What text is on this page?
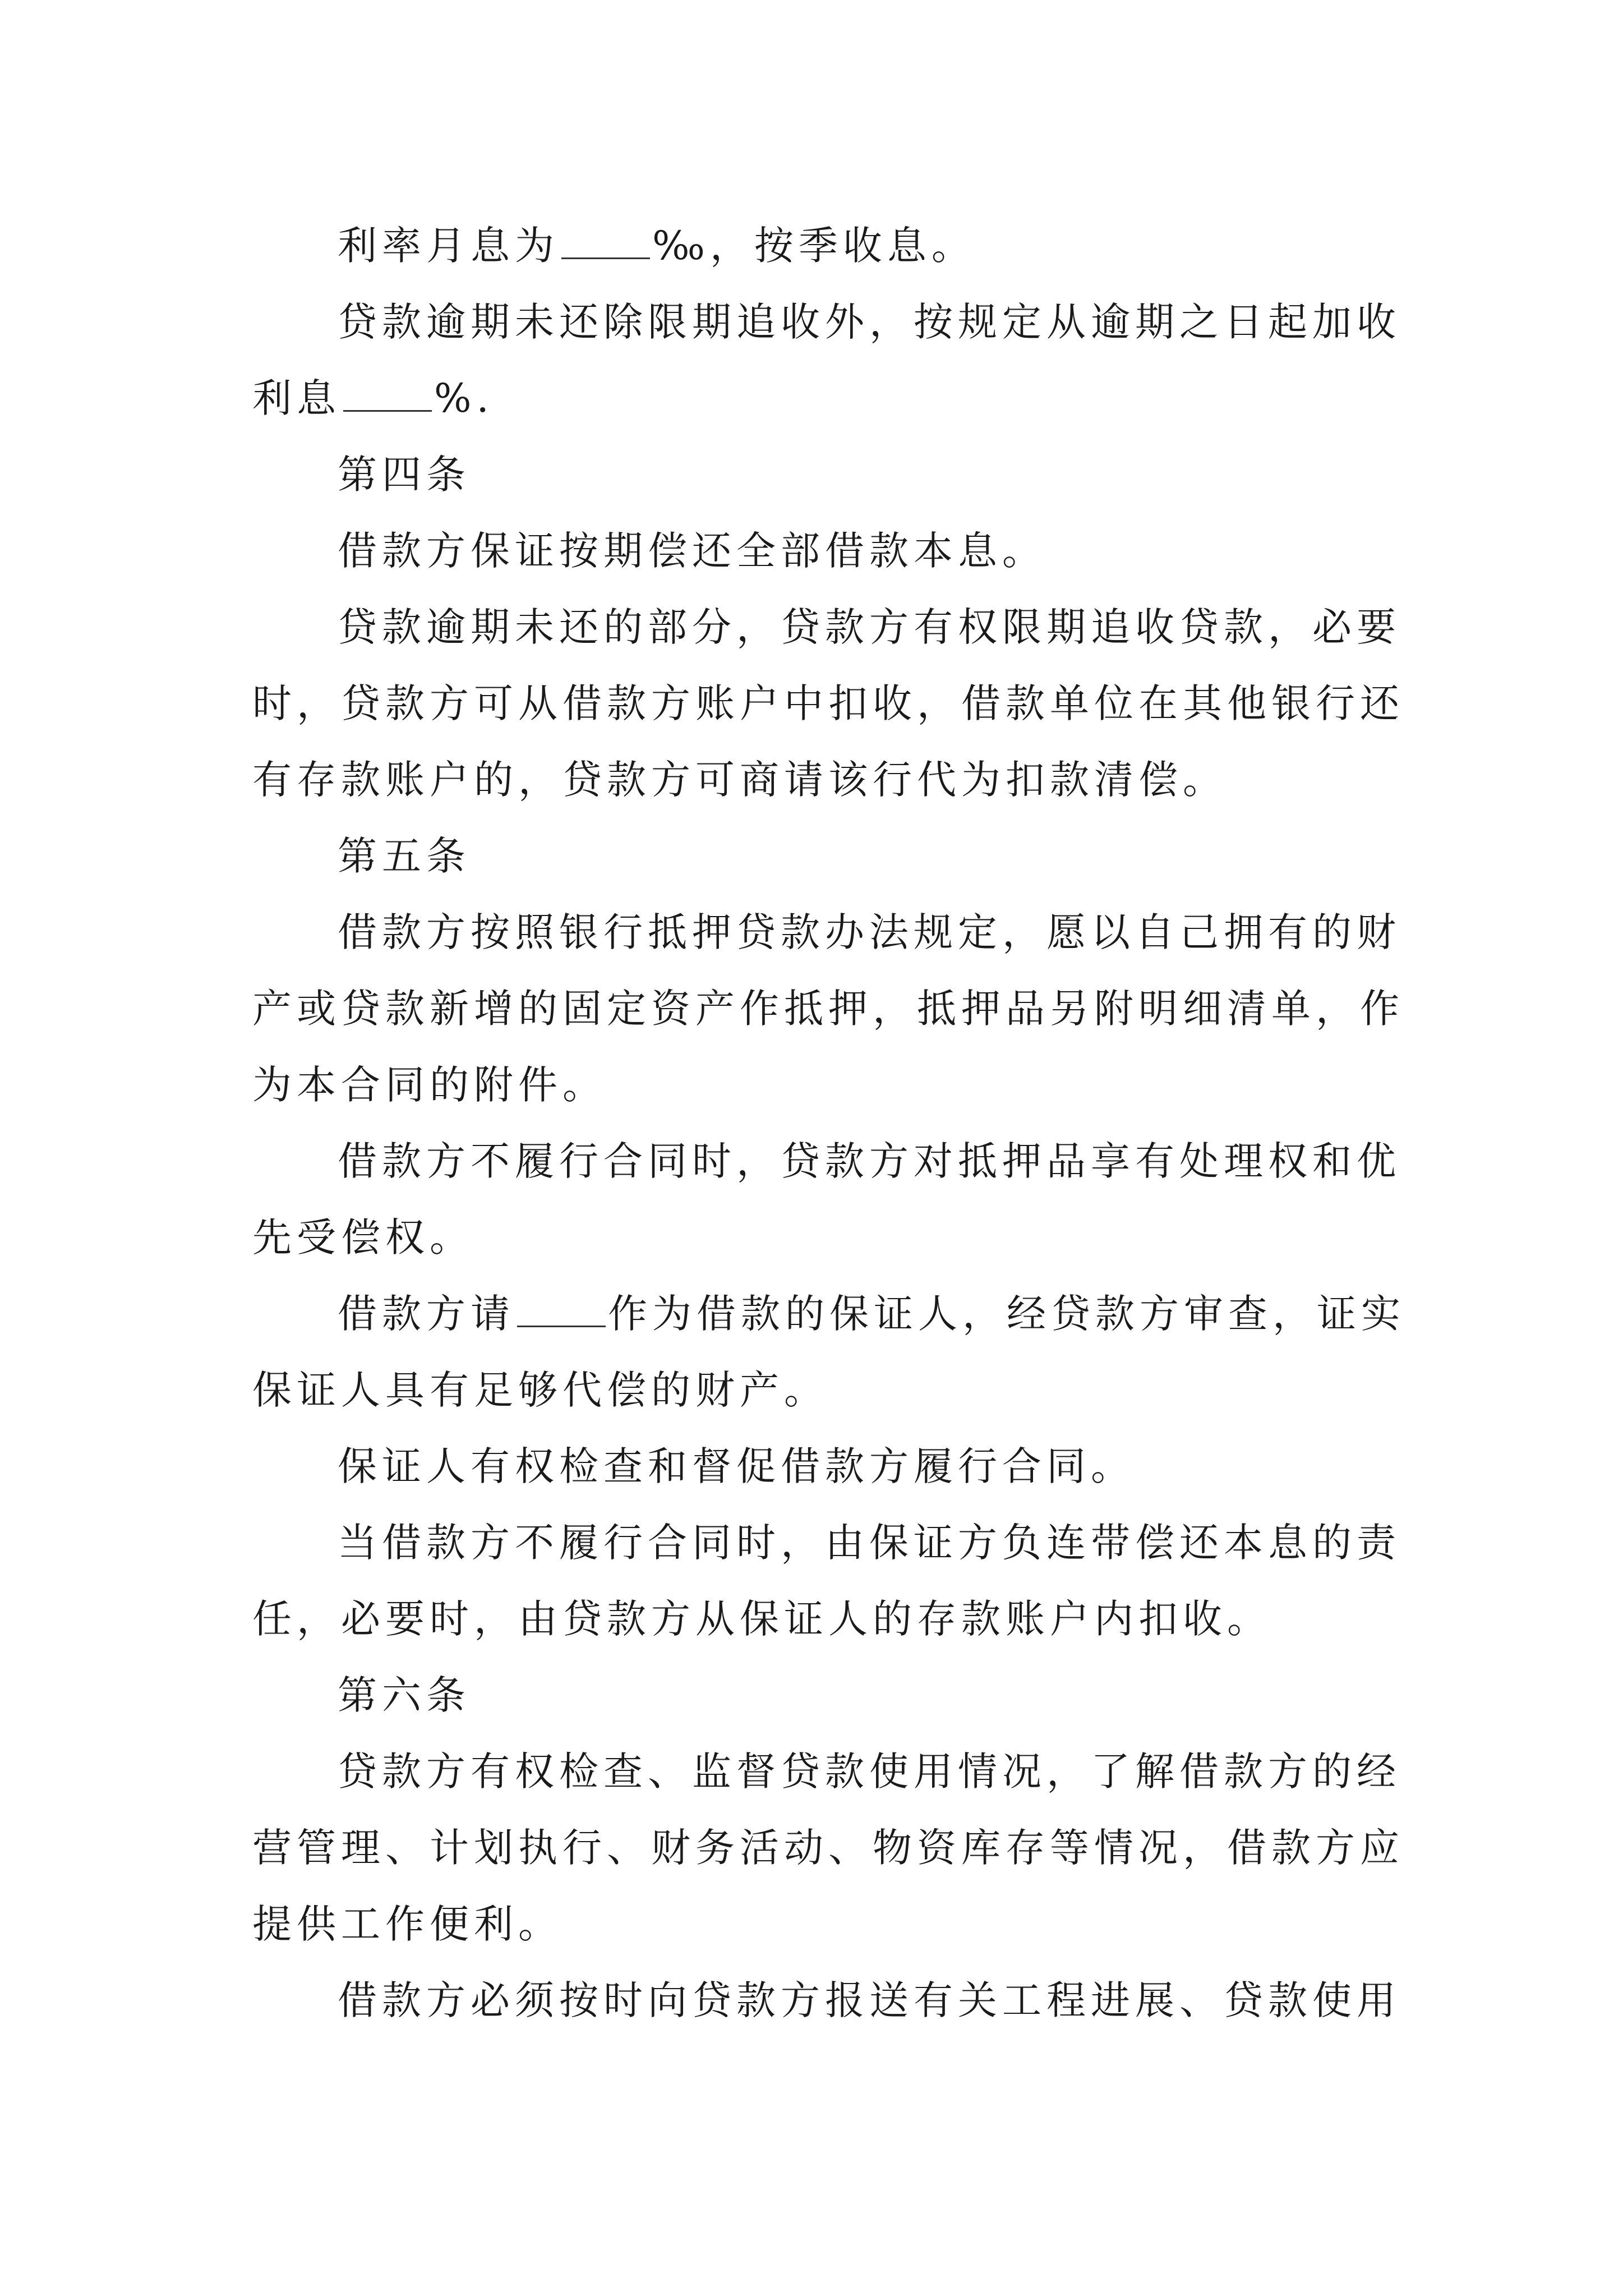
利率月息为 ‰，按季收息。
贷款逾期未还除限期追收外，按规定从逾期之日起加收
利息 %.
第四条
借款方保证按期偿还全部借款本息。
贷款逾期未还的部分，贷款方有权限期追收贷款，必要
时，贷款方可从借款方账户中扣收，借款单位在其他银行还
有存款账户的，贷款方可商请该行代为扣款清偿。
第五条
借款方按照银行抵押贷款办法规定，愿以自己拥有的财
产或贷款新增的固定资产作抵押，抵押品另附明细清单，作
为本合同的附件。
借款方不履行合同时，贷款方对抵押品享有处理权和优
先受偿权。
借款方请 作为借款的保证人，经贷款方审查，证实
保证人具有足够代偿的财产。
保证人有权检查和督促借款方履行合同。
当借款方不履行合同时，由保证方负连带偿还本息的责
任，必要时，由贷款方从保证人的存款账户内扣收。
第六条
贷款方有权检查、监督贷款使用情况，了解借款方的经
营管理、计划执行、财务活动、物资库存等情况，借款方应
提供工作便利。
借款方必须按时向贷款方报送有关工程进展、贷款使用
